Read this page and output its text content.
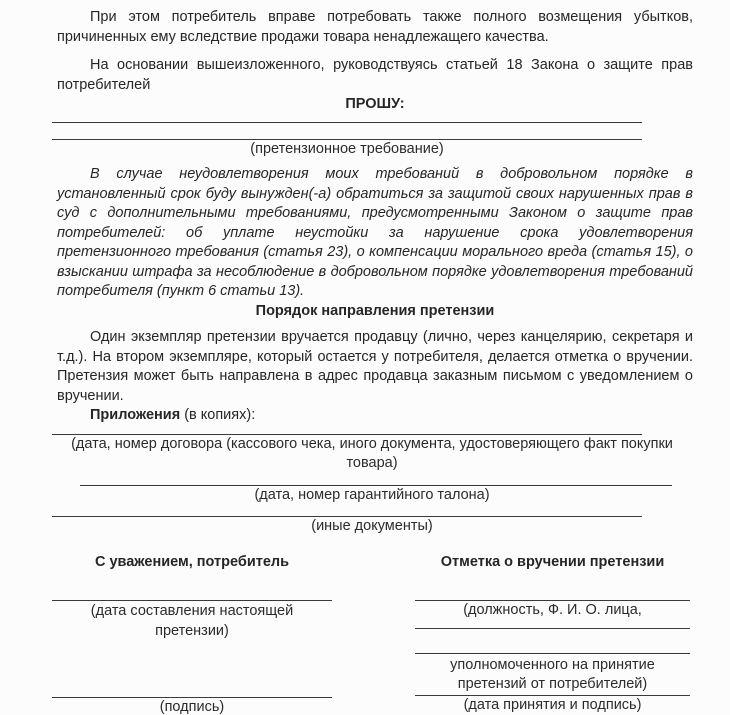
При этом потребитель вправе потребовать также полного возмещения убытков, причиненных ему вследствие продажи товара ненадлежащего качества.

На основании вышеизложенного, руководствуясь статьей 18 Закона о защите прав потребителей

ПРОШУ:

(претензионное требование)

В случае неудовлетворения моих требований в добровольном порядке в установленный срок буду вынужден(-а) обратиться за защитой своих нарушенных прав в суд с дополнительными требованиями, предусмотренными Законом о защите прав потребителей: об уплате неустойки за нарушение срока удовлетворения претензионного требования (статья 23), о компенсации морального вреда (статья 15), о взыскании штрафа за несоблюдение в добровольном порядке удовлетворения требований потребителя (пункт 6 статьи 13).

Порядок направления претензии

Один экземпляр претензии вручается продавцу (лично, через канцелярию, секретаря и т.д.). На втором экземпляре, который остается у потребителя, делается отметка о вручении. Претензия может быть направлена в адрес продавца заказным письмом с уведомлением о вручении.

Приложения (в копиях):

(дата, номер договора (кассового чека, иного документа, удостоверяющего факт покупки товара)
(дата, номер гарантийного талона)
(иные документы)
С уважением, потребитель
(дата составления настоящей претензии)
(подпись)
Отметка о вручении претензии
(должность, Ф. И. О. лица,
уполномоченного на принятие претензий от потребителей)
(дата принятия и подпись)
